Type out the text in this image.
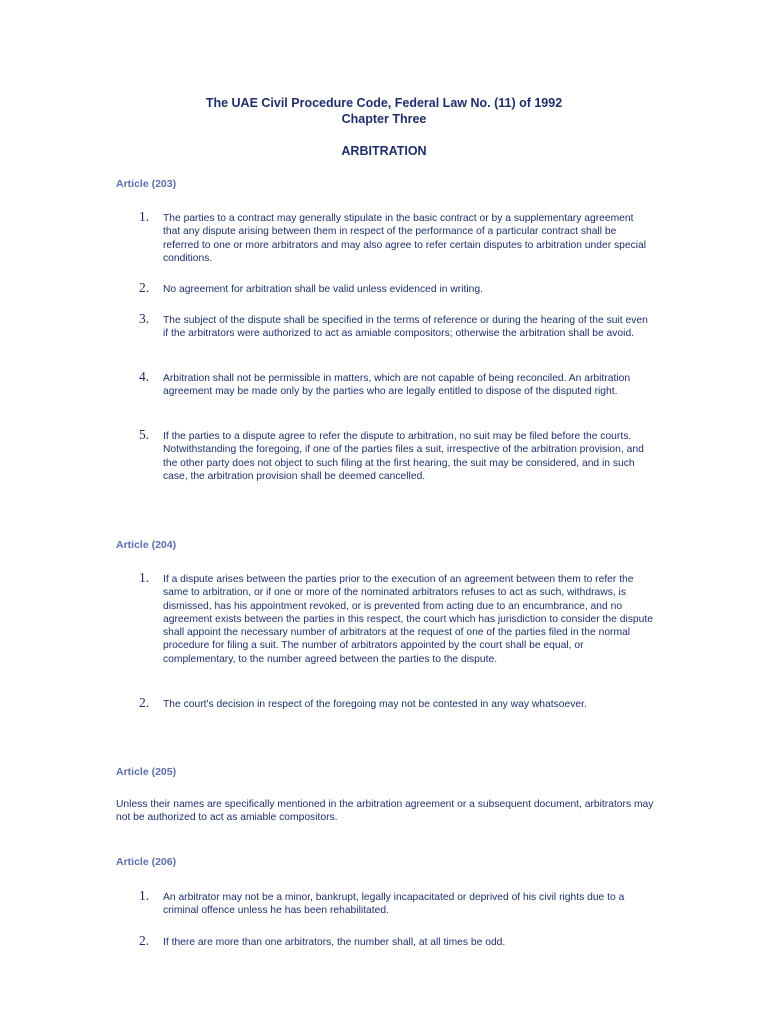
The UAE Civil Procedure Code, Federal Law No. (11) of 1992
Chapter Three
ARBITRATION
Article (203)
1. The parties to a contract may generally stipulate in the basic contract or by a supplementary agreement that any dispute arising between them in respect of the performance of a particular contract shall be referred to one or more arbitrators and may also agree to refer certain disputes to arbitration under special conditions.

2. No agreement for arbitration shall be valid unless evidenced in writing.

3. The subject of the dispute shall be specified in the terms of reference or during the hearing of the suit even if the arbitrators were authorized to act as amiable compositors; otherwise the arbitration shall be avoid.

4. Arbitration shall not be permissible in matters, which are not capable of being reconciled. An arbitration agreement may be made only by the parties who are legally entitled to dispose of the disputed right.

5. If the parties to a dispute agree to refer the dispute to arbitration, no suit may be filed before the courts. Notwithstanding the foregoing, if one of the parties files a suit, irrespective of the arbitration provision, and the other party does not object to such filing at the first hearing, the suit may be considered, and in such case, the arbitration provision shall be deemed cancelled.

Article (204)
1. If a dispute arises between the parties prior to the execution of an agreement between them to refer the same to arbitration, or if one or more of the nominated arbitrators refuses to act as such, withdraws, is dismissed, has his appointment revoked, or is prevented from acting due to an encumbrance, and no agreement exists between the parties in this respect, the court which has jurisdiction to consider the dispute shall appoint the necessary number of arbitrators at the request of one of the parties filed in the normal procedure for filing a suit. The number of arbitrators appointed by the court shall be equal, or complementary, to the number agreed between the parties to the dispute.

2. The court's decision in respect of the foregoing may not be contested in any way whatsoever.

Article (205)

Unless their names are specifically mentioned in the arbitration agreement or a subsequent document, arbitrators may not be authorized to act as amiable compositors.

Article (206)
1. An arbitrator may not be a minor, bankrupt, legally incapacitated or deprived of his civil rights due to a criminal offence unless he has been rehabilitated.

2. If there are more than one arbitrators, the number shall, at all times be odd.
